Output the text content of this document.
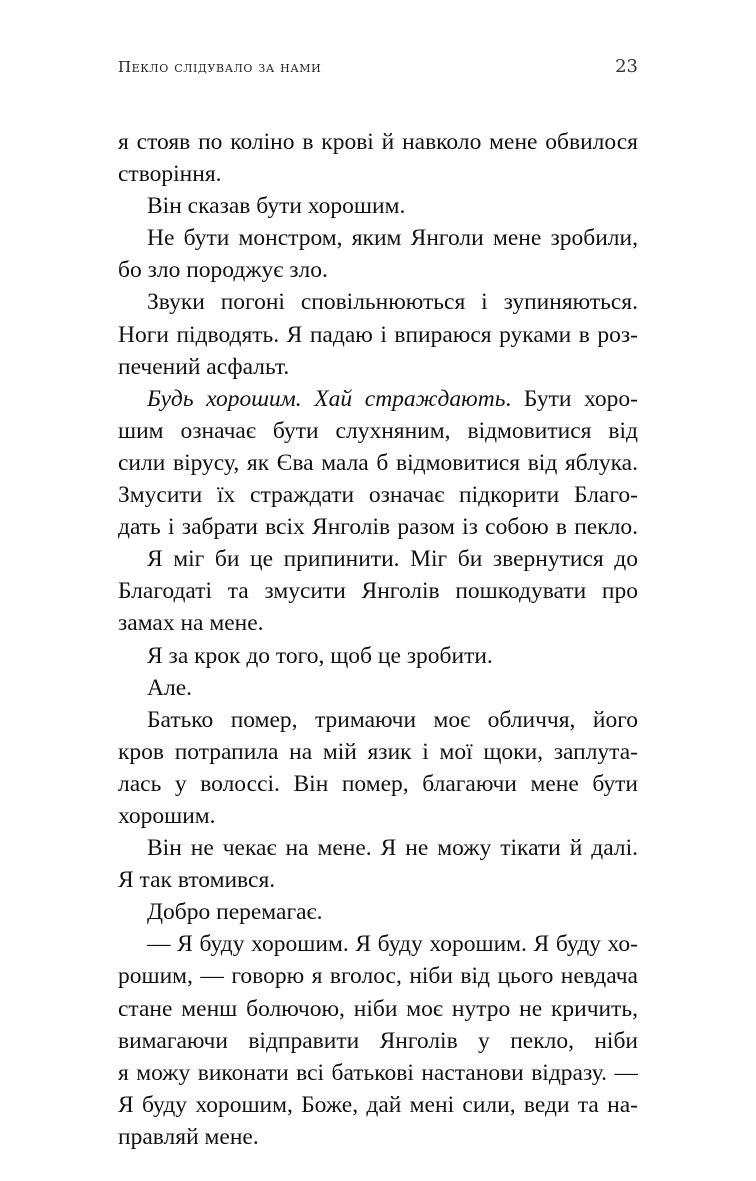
Пекло слідувало за нами	23
я стояв по коліно в крові й навколо мене обвилося
створіння.
Він сказав бути хорошим.
Не бути монстром, яким Янголи мене зробили,
бо зло породжує зло.
Звуки погоні сповільнюються і зупиняються.
Ноги підводять. Я падаю і впираюся руками в роз-
печений асфальт.
Будь хорошим. Хай страждають. Бути хоро-
шим означає бути слухняним, відмовитися від
сили вірусу, як Єва мала б відмовитися від яблука.
Змусити їх страждати означає підкорити Благо-
дать і забрати всіх Янголів разом із собою в пекло.
Я міг би це припинити. Міг би звернутися до
Благодаті та змусити Янголів пошкодувати про
замах на мене.
Я за крок до того, щоб це зробити.
Але.
Батько помер, тримаючи моє обличчя, його
кров потрапила на мій язик і мої щоки, заплута-
лась у волоссі. Він помер, благаючи мене бути
хорошим.
Він не чекає на мене. Я не можу тікати й далі.
Я так втомився.
Добро перемагає.
— Я буду хорошим. Я буду хорошим. Я буду хо-
рошим, — говорю я вголос, ніби від цього невдача
стане менш болючою, ніби моє нутро не кричить,
вимагаючи відправити Янголів у пекло, ніби
я можу виконати всі батькові настанови відразу. —
Я буду хорошим, Боже, дай мені сили, веди та на-
правляй мене.
